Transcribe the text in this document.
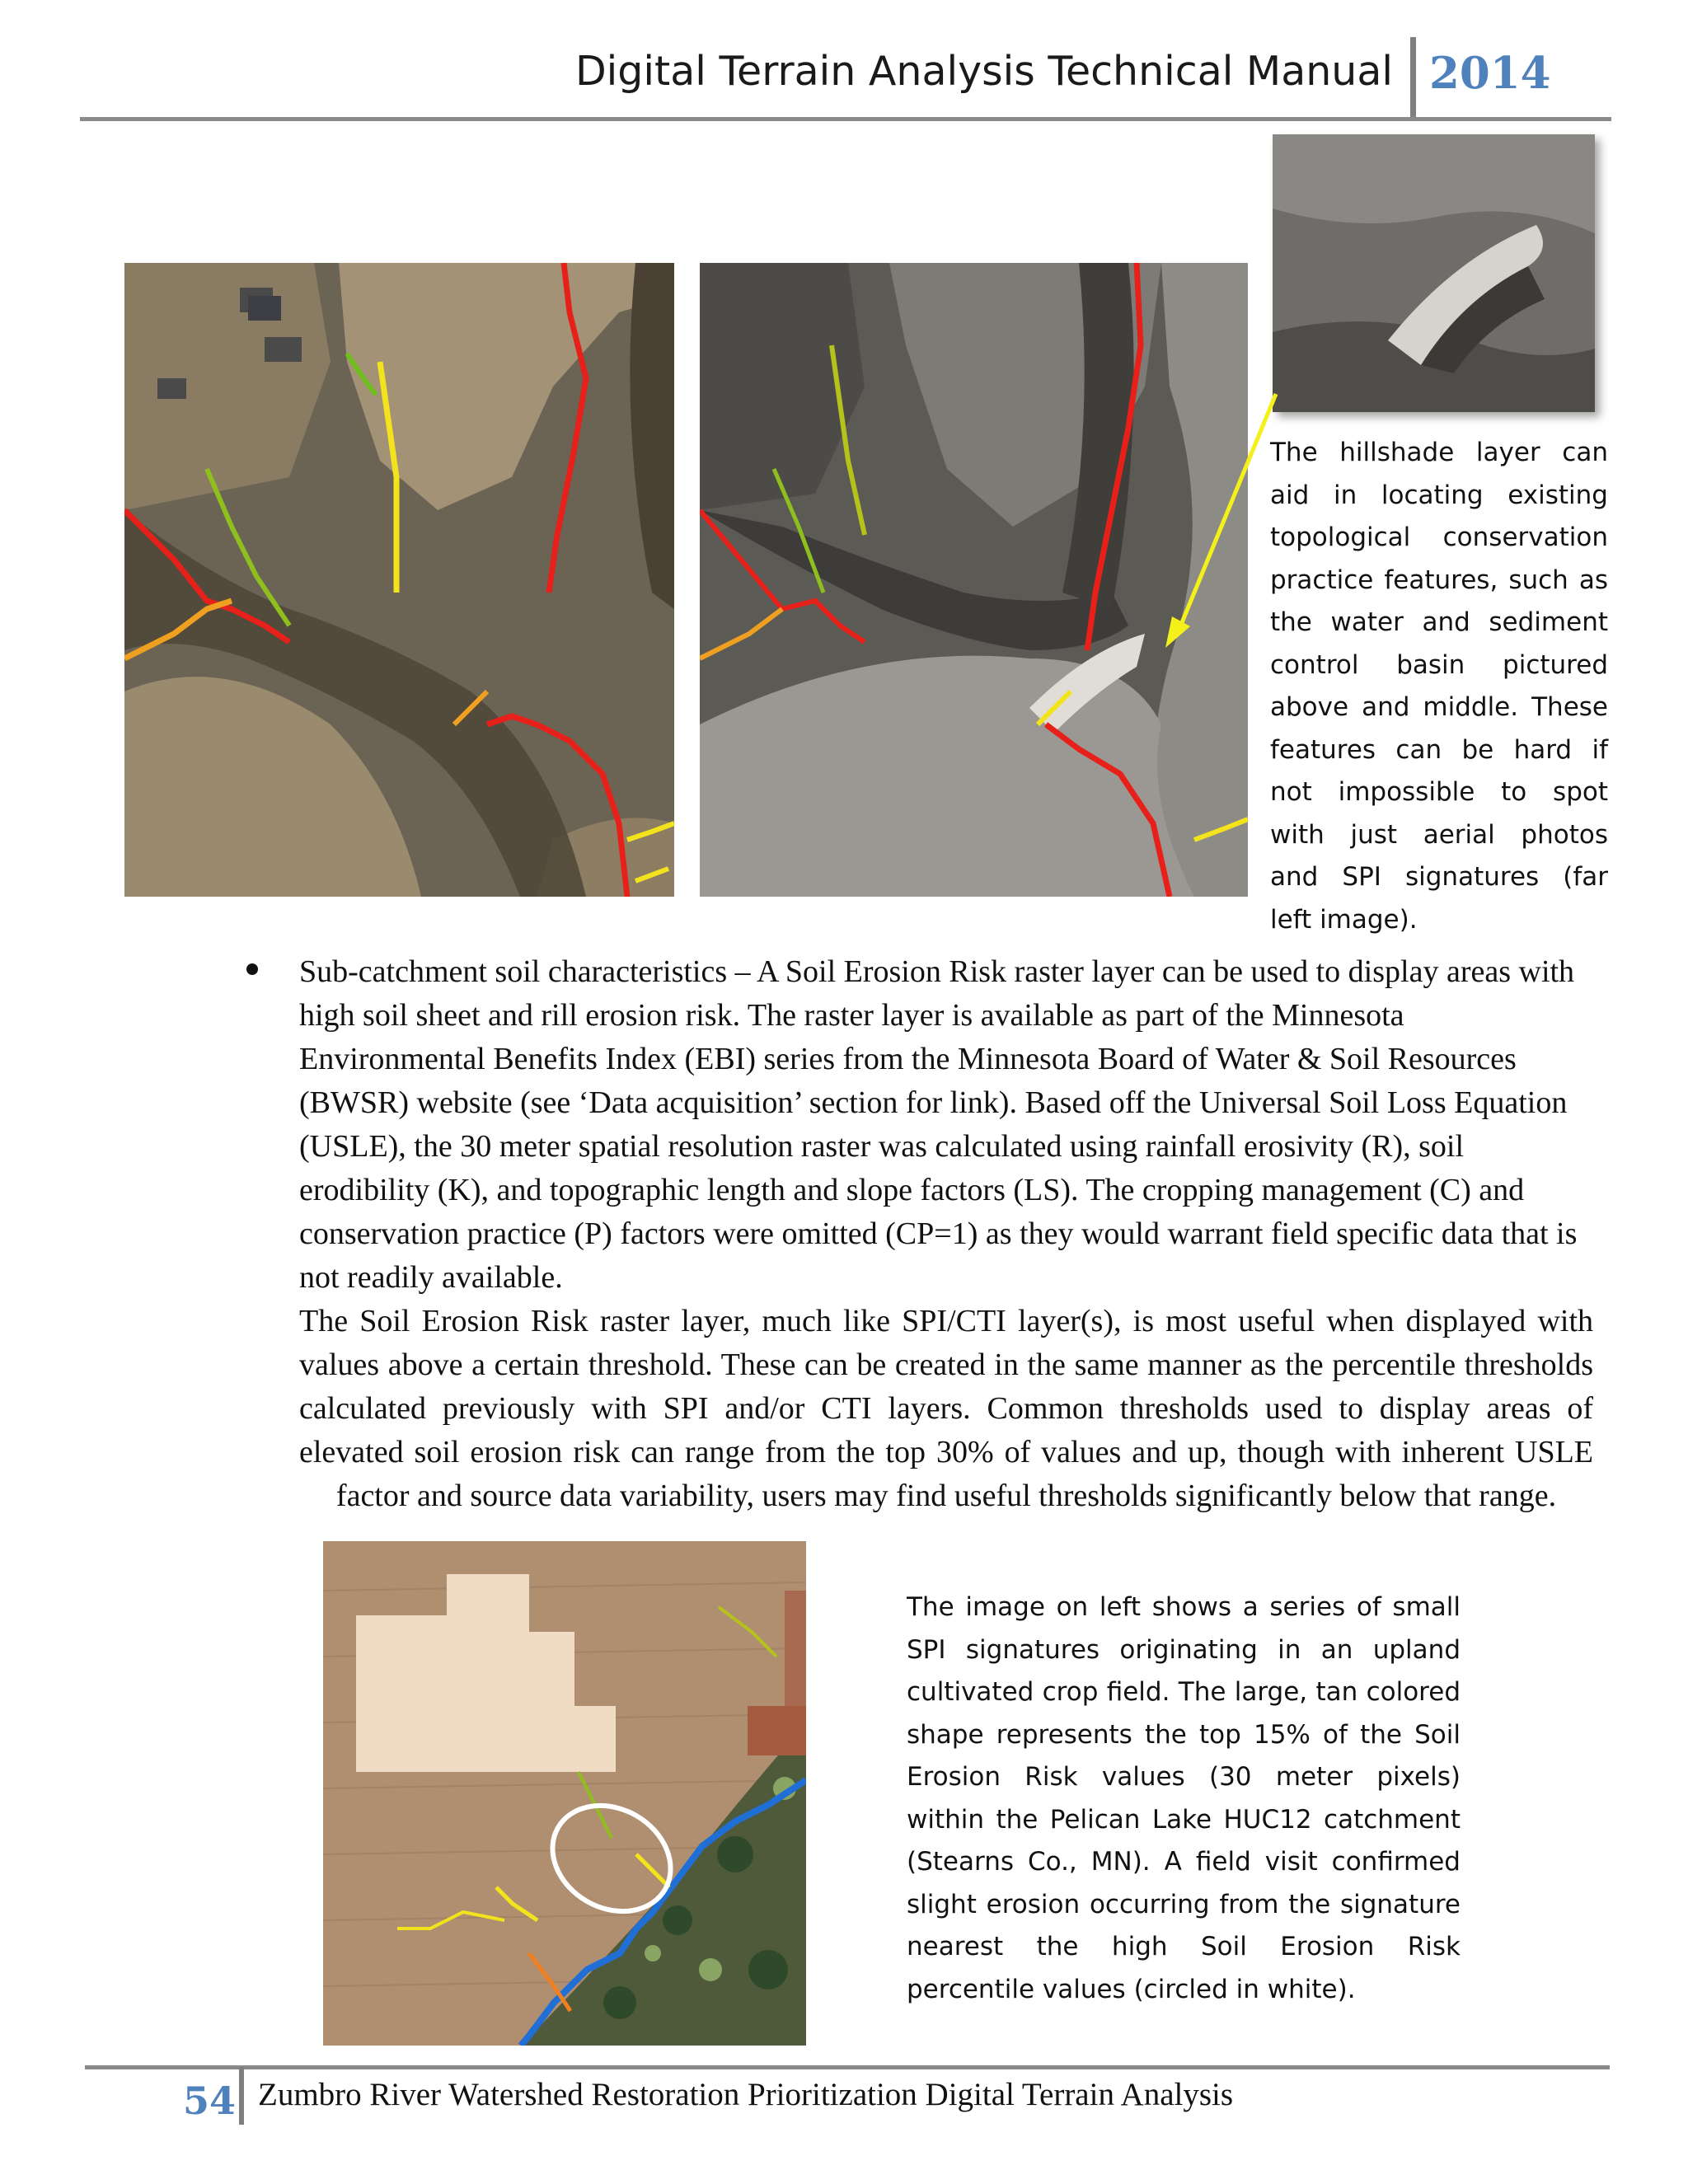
Digital Terrain Analysis Technical Manual 2014
The hillshade layer can aid in locating existing topological conservation practice features, such as the water and sediment control basin pictured above and middle. These features can be hard if not impossible to spot with just aerial photos and SPI signatures (far left image).
Sub-catchment soil characteristics – A Soil Erosion Risk raster layer can be used to display areas with high soil sheet and rill erosion risk. The raster layer is available as part of the Minnesota Environmental Benefits Index (EBI) series from the Minnesota Board of Water & Soil Resources (BWSR) website (see ‘Data acquisition’ section for link). Based off the Universal Soil Loss Equation (USLE), the 30 meter spatial resolution raster was calculated using rainfall erosivity (R), soil erodibility (K), and topographic length and slope factors (LS). The cropping management (C) and conservation practice (P) factors were omitted (CP=1) as they would warrant field specific data that is not readily available.
The Soil Erosion Risk raster layer, much like SPI/CTI layer(s), is most useful when displayed with values above a certain threshold. These can be created in the same manner as the percentile thresholds calculated previously with SPI and/or CTI layers. Common thresholds used to display areas of elevated soil erosion risk can range from the top 30% of values and up, though with inherent USLE factor and source data variability, users may find useful thresholds significantly below that range.
The image on left shows a series of small SPI signatures originating in an upland cultivated crop field. The large, tan colored shape represents the top 15% of the Soil Erosion Risk values (30 meter pixels) within the Pelican Lake HUC12 catchment (Stearns Co., MN). A field visit confirmed slight erosion occurring from the signature nearest the high Soil Erosion Risk percentile values (circled in white).
54 Zumbro River Watershed Restoration Prioritization Digital Terrain Analysis
